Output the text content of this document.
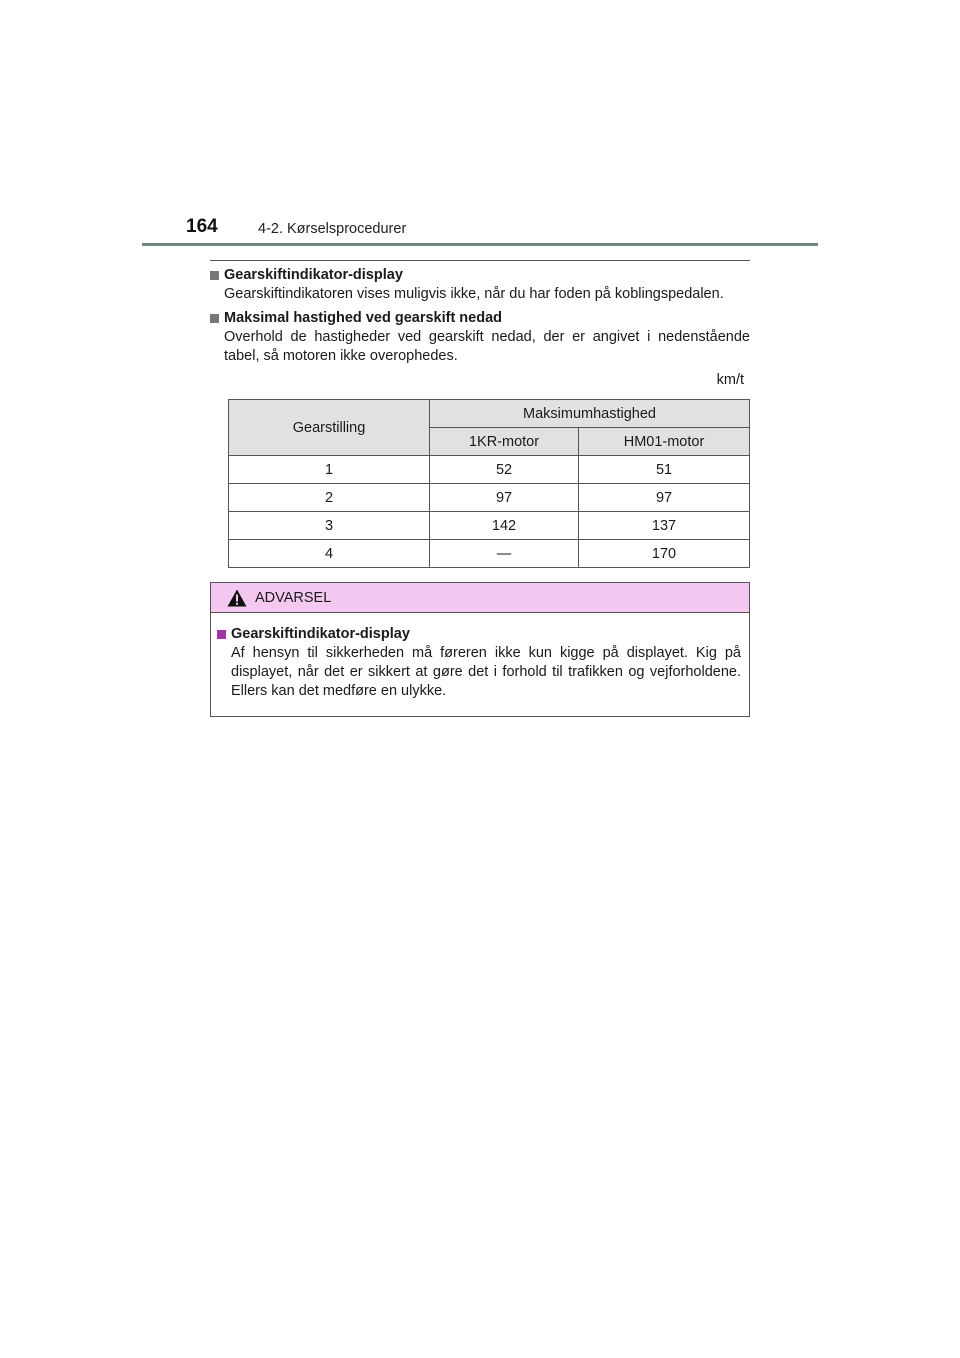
164	4-2. Kørselsprocedurer
Gearskiftindikator-display
Gearskiftindikatoren vises muligvis ikke, når du har foden på koblingspedalen.
Maksimal hastighed ved gearskift nedad
Overhold de hastigheder ved gearskift nedad, der er angivet i nedenstående tabel, så motoren ikke overophedes.
km/t
Gearstilling	Maksimumhastighed	
	1KR-motor	HM01-motor
1	52	51
2	97	97
3	142	137
4	—	170
ADVARSEL
Gearskiftindikator-display
Af hensyn til sikkerheden må føreren ikke kun kigge på displayet. Kig på displayet, når det er sikkert at gøre det i forhold til trafikken og vejforholdene. Ellers kan det medføre en ulykke.
